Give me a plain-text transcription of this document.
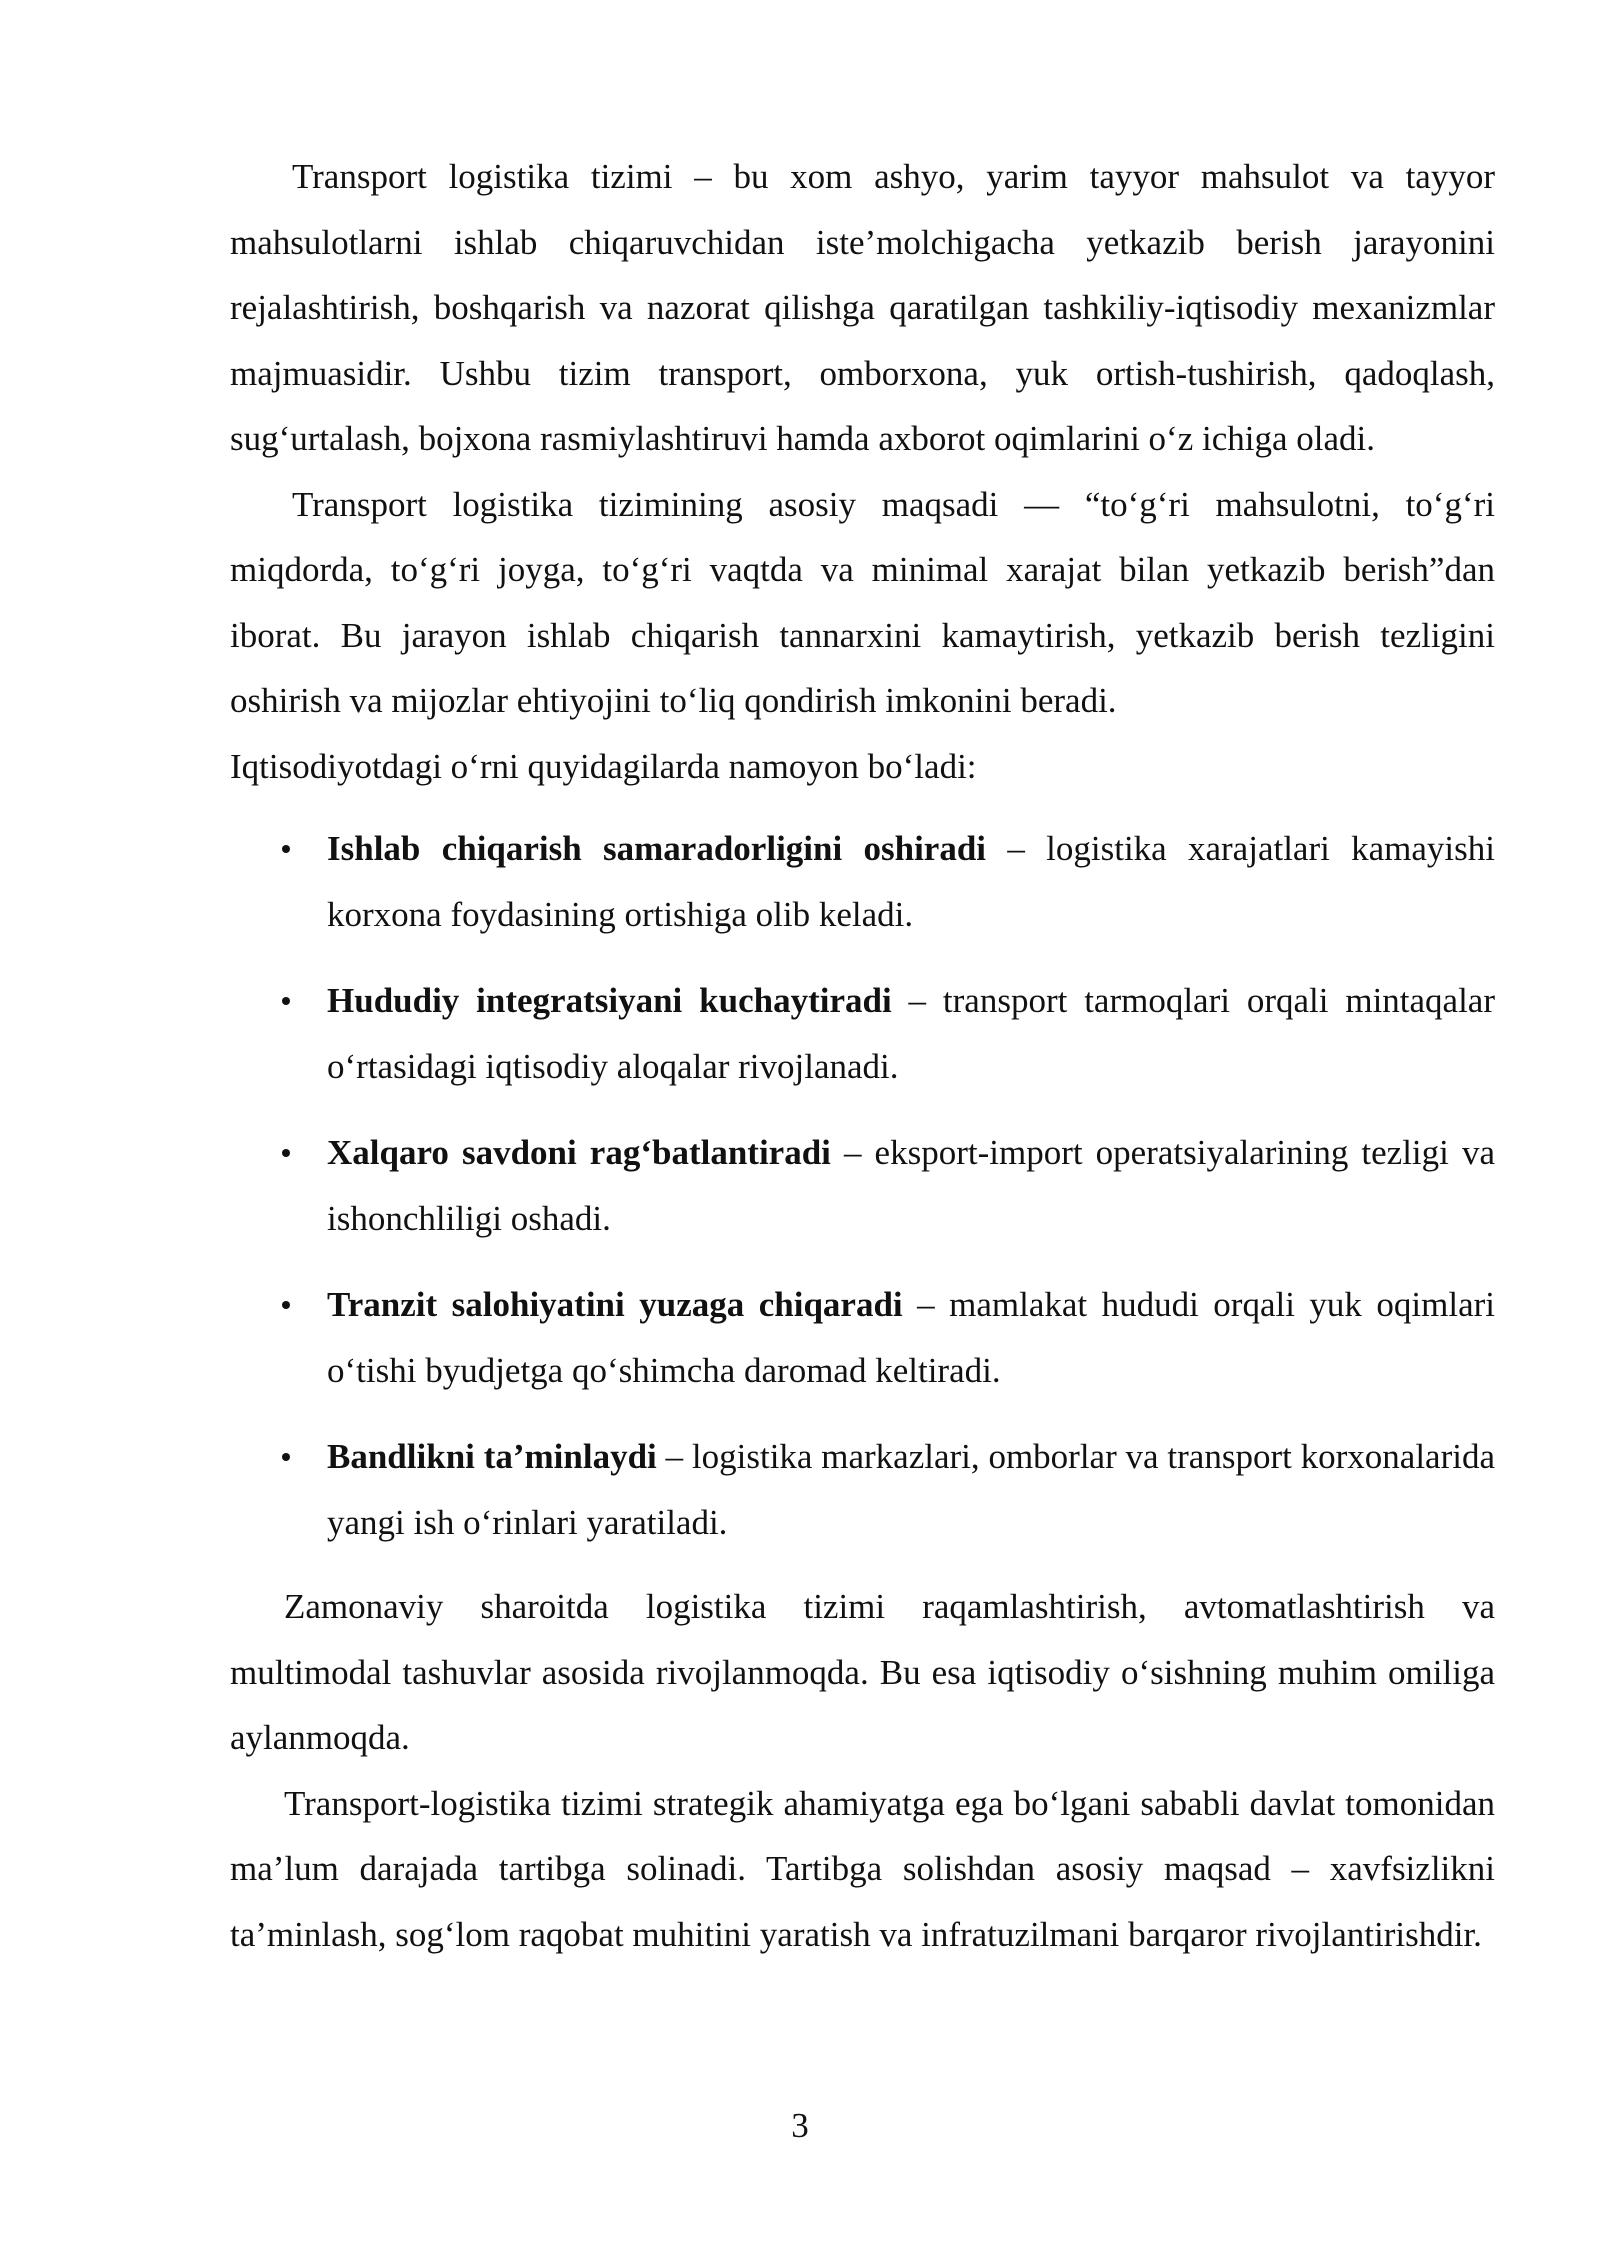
Transport logistika tizimi – bu xom ashyo, yarim tayyor mahsulot va tayyor mahsulotlarni ishlab chiqaruvchidan iste’molchigacha yetkazib berish jarayonini rejalashtirish, boshqarish va nazorat qilishga qaratilgan tashkiliy-iqtisodiy mexanizmlar majmuasidir. Ushbu tizim transport, omborxona, yuk ortish-tushirish, qadoqlash, sug‘urtalash, bojxona rasmiylashtiruvi hamda axborot oqimlarini o‘z ichiga oladi.

Transport logistika tizimining asosiy maqsadi — “to‘g‘ri mahsulotni, to‘g‘ri miqdorda, to‘g‘ri joyga, to‘g‘ri vaqtda va minimal xarajat bilan yetkazib berish”dan iborat. Bu jarayon ishlab chiqarish tannarxini kamaytirish, yetkazib berish tezligini oshirish va mijozlar ehtiyojini to‘liq qondirish imkonini beradi.

Iqtisodiyotdagi o‘rni quyidagilarda namoyon bo‘ladi:

Ishlab chiqarish samaradorligini oshiradi – logistika xarajatlari kamayishi korxona foydasining ortishiga olib keladi.
Hududiy integratsiyani kuchaytiradi – transport tarmoqlari orqali mintaqalar o‘rtasidagi iqtisodiy aloqalar rivojlanadi.
Xalqaro savdoni rag‘batlantiradi – eksport-import operatsiyalarining tezligi va ishonchliligi oshadi.
Tranzit salohiyatini yuzaga chiqaradi – mamlakat hududi orqali yuk oqimlari o‘tishi byudjetga qo‘shimcha daromad keltiradi.
Bandlikni ta’minlaydi – logistika markazlari, omborlar va transport korxonalarida yangi ish o‘rinlari yaratiladi.

Zamonaviy sharoitda logistika tizimi raqamlashtirish, avtomatlashtirish va multimodal tashuvlar asosida rivojlanmoqda. Bu esa iqtisodiy o‘sishning muhim omiliga aylanmoqda.

Transport-logistika tizimi strategik ahamiyatga ega bo‘lgani sababli davlat tomonidan ma’lum darajada tartibga solinadi. Tartibga solishdan asosiy maqsad – xavfsizlikni ta’minlash, sog‘lom raqobat muhitini yaratish va infratuzilmani barqaror rivojlantirishdir.

3
